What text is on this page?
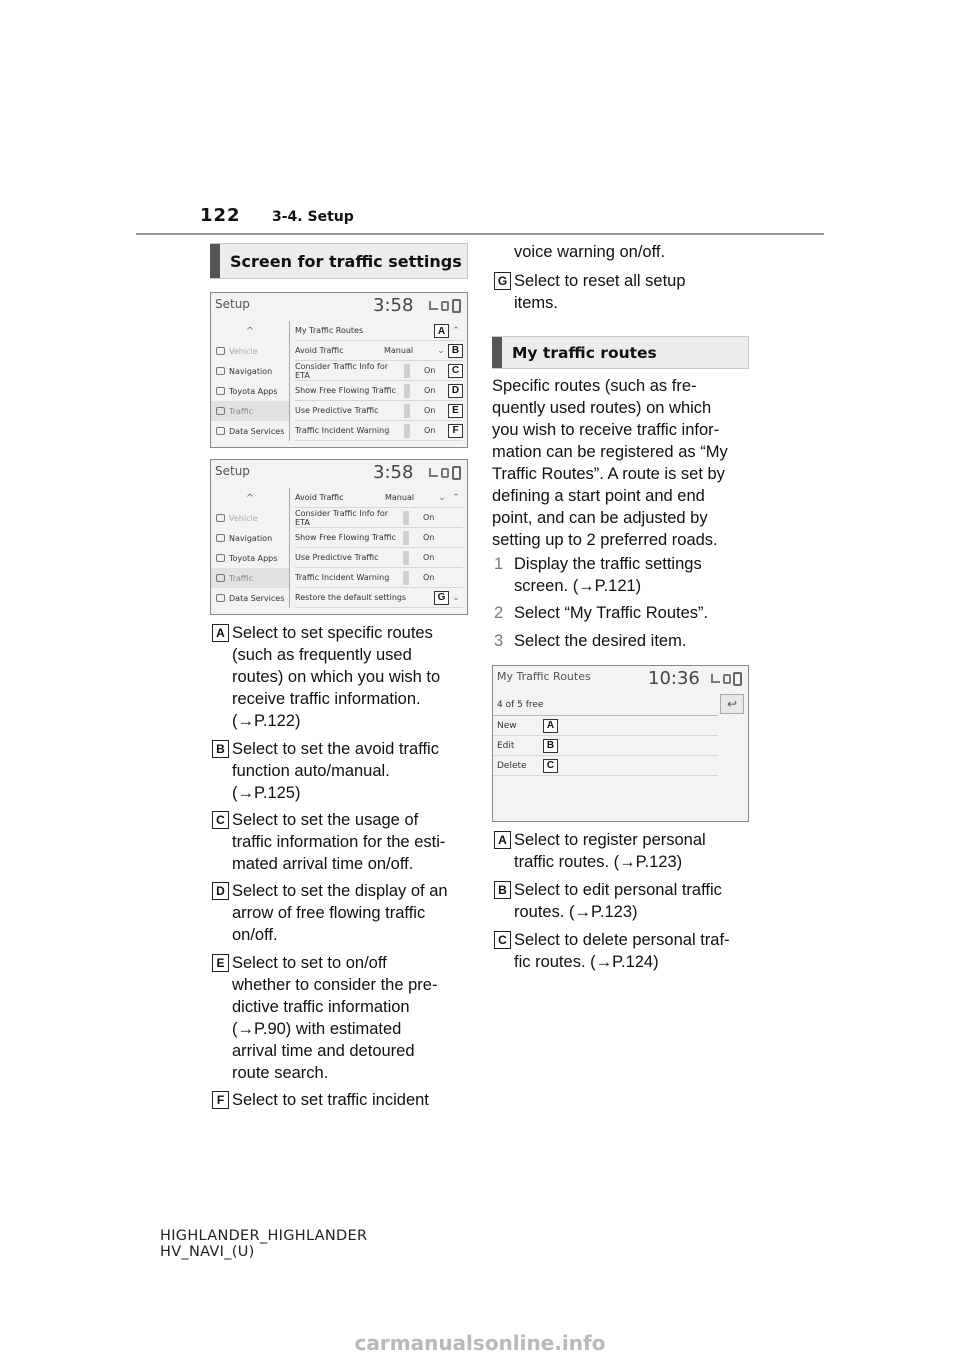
122 3-4. Setup
Screen for traffic settings
Setup	3:58
^
Vehicle
Navigation
Toyota Apps
Traffic
Data Services
My Traffic Routes	A ⌃
Avoid Traffic	Manual	⌄ B
Consider Traffic Info for ETA	On	C
Show Free Flowing Traffic	On	D
Use Predictive Traffic	On	E
Traffic Incident Warning	On	F
Setup	3:58
^
Vehicle
Navigation
Toyota Apps
Traffic
Data Services
Avoid Traffic	Manual	⌄ ⌃
Consider Traffic Info for ETA	On
Show Free Flowing Traffic	On
Use Predictive Traffic	On
Traffic Incident Warning	On
Restore the default settings	G ⌄
A Select to set specific routes
(such as frequently used
routes) on which you wish to
receive traffic information.
(→P.122)
B Select to set the avoid traffic
function auto/manual.
(→P.125)
C Select to set the usage of
traffic information for the esti-
mated arrival time on/off.
D Select to set the display of an
arrow of free flowing traffic
on/off.
E Select to set to on/off
whether to consider the pre-
dictive traffic information
(→P.90) with estimated
arrival time and detoured
route search.
F Select to set traffic incident
voice warning on/off.
G Select to reset all setup
items.
My traffic routes
Specific routes (such as fre-
quently used routes) on which
you wish to receive traffic infor-
mation can be registered as “My
Traffic Routes”. A route is set by
defining a start point and end
point, and can be adjusted by
setting up to 2 preferred roads.
1 Display the traffic settings
screen. (→P.121)
2 Select “My Traffic Routes”.
3 Select the desired item.
My Traffic Routes	10:36
4 of 5 free	↩
New	A
Edit	B
Delete	C
A Select to register personal
traffic routes. (→P.123)
B Select to edit personal traffic
routes. (→P.123)
C Select to delete personal traf-
fic routes. (→P.124)
HIGHLANDER_HIGHLANDER
HV_NAVI_(U)
carmanualsonline.info
